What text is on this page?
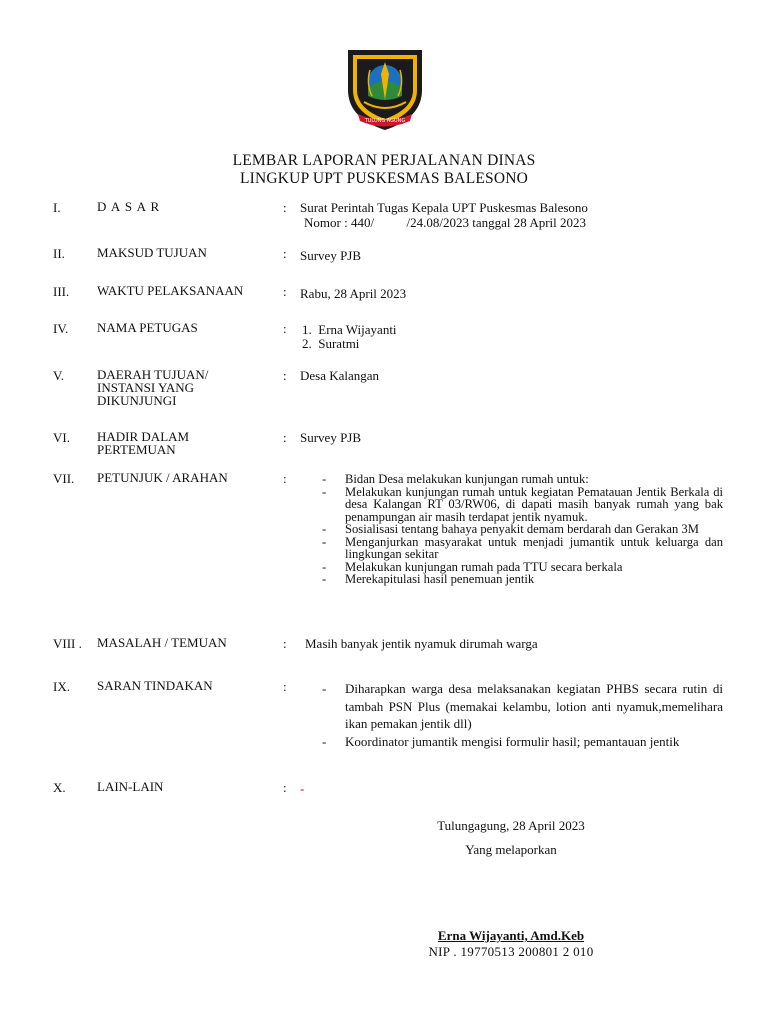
TULUNG AGUNG
LEMBAR LAPORAN PERJALANAN DINAS
LINGKUP UPT PUSKESMAS BALESONO
I.	D A S A R	: Surat Perintah Tugas Kepala UPT Puskesmas Balesono
Nomor : 440/          /24.08/2023 tanggal 28 April 2023
II. MAKSUD TUJUAN	: Survey PJB
III. WAKTU PELAKSANAAN	: Rabu, 28 April 2023
IV. NAMA PETUGAS	: 1.  Erna Wijayanti
2.  Suratmi
V.	DAERAH TUJUAN/ INSTANSI YANG DIKUNJUNGI
: Desa Kalangan
VI. HADIR DALAM PERTEMUAN
: Survey PJB
VII. PETUNJUK / ARAHAN	:	- Bidan Desa melakukan kunjungan rumah untuk:
- Melakukan kunjungan rumah untuk kegiatan Pematauan Jentik Berkala di desa Kalangan RT 03/RW06, di dapati masih banyak rumah yang bak penampungan air masih terdapat jentik nyamuk.
- Sosialisasi tentang bahaya penyakit demam berdarah dan Gerakan 3M
- Menganjurkan masyarakat untuk menjadi jumantik untuk keluarga dan lingkungan sekitar
- Melakukan kunjungan rumah pada TTU secara berkala
- Merekapitulasi hasil penemuan jentik
VIII . MASALAH / TEMUAN	: Masih banyak jentik nyamuk dirumah warga
IX. SARAN TINDAKAN	:	- Diharapkan warga desa melaksanakan kegiatan PHBS secara rutin di tambah PSN Plus (memakai kelambu, lotion anti nyamuk,memelihara ikan pemakan jentik dll)
- Koordinator jumantik mengisi formulir hasil; pemantauan jentik
X. LAIN-LAIN	: -
Tulungagung, 28 April 2023
Yang melaporkan
Erna Wijayanti, Amd.Keb
NIP . 19770513 200801 2 010
